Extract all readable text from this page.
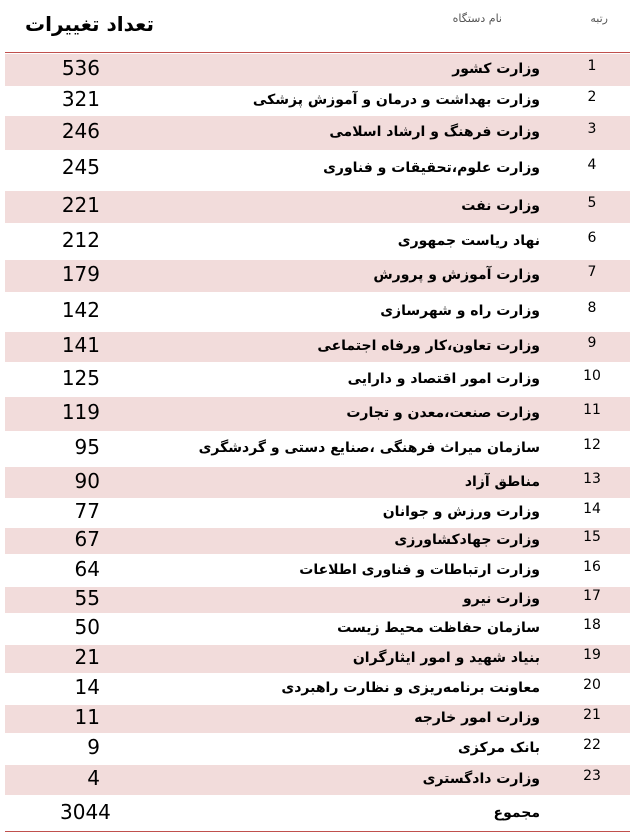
رتبه
نام دستگاه
تعداد تغییرات
1
وزارت کشور
536
2
وزارت بهداشت و درمان و آموزش پزشکی
321
3
وزارت فرهنگ و ارشاد اسلامی
246
4
وزارت علوم،تحقیقات و فناوری
245
5
وزارت نفت
221
6
نهاد ریاست جمهوری
212
7
وزارت آموزش و پرورش
179
8
وزارت راه و شهرسازی
142
9
وزارت تعاون،کار ورفاه اجتماعی
141
10
وزارت امور اقتصاد و دارایی
125
11
وزارت صنعت،معدن و تجارت
119
12
سازمان میراث فرهنگی ،صنایع دستی و گردشگری
95
13
مناطق آزاد
90
14
وزارت ورزش و جوانان
77
15
وزارت جهادکشاورزی
67
16
وزارت ارتباطات و فناوری اطلاعات
64
17
وزارت نیرو
55
18
سازمان حفاظت محیط زیست
50
19
بنیاد شهید و امور ایثارگران
21
20
معاونت برنامه‌ریزی و نظارت راهبردی
14
21
وزارت امور خارجه
11
22
بانک مرکزی
9
23
وزارت دادگستری
4
مجموع
3044
